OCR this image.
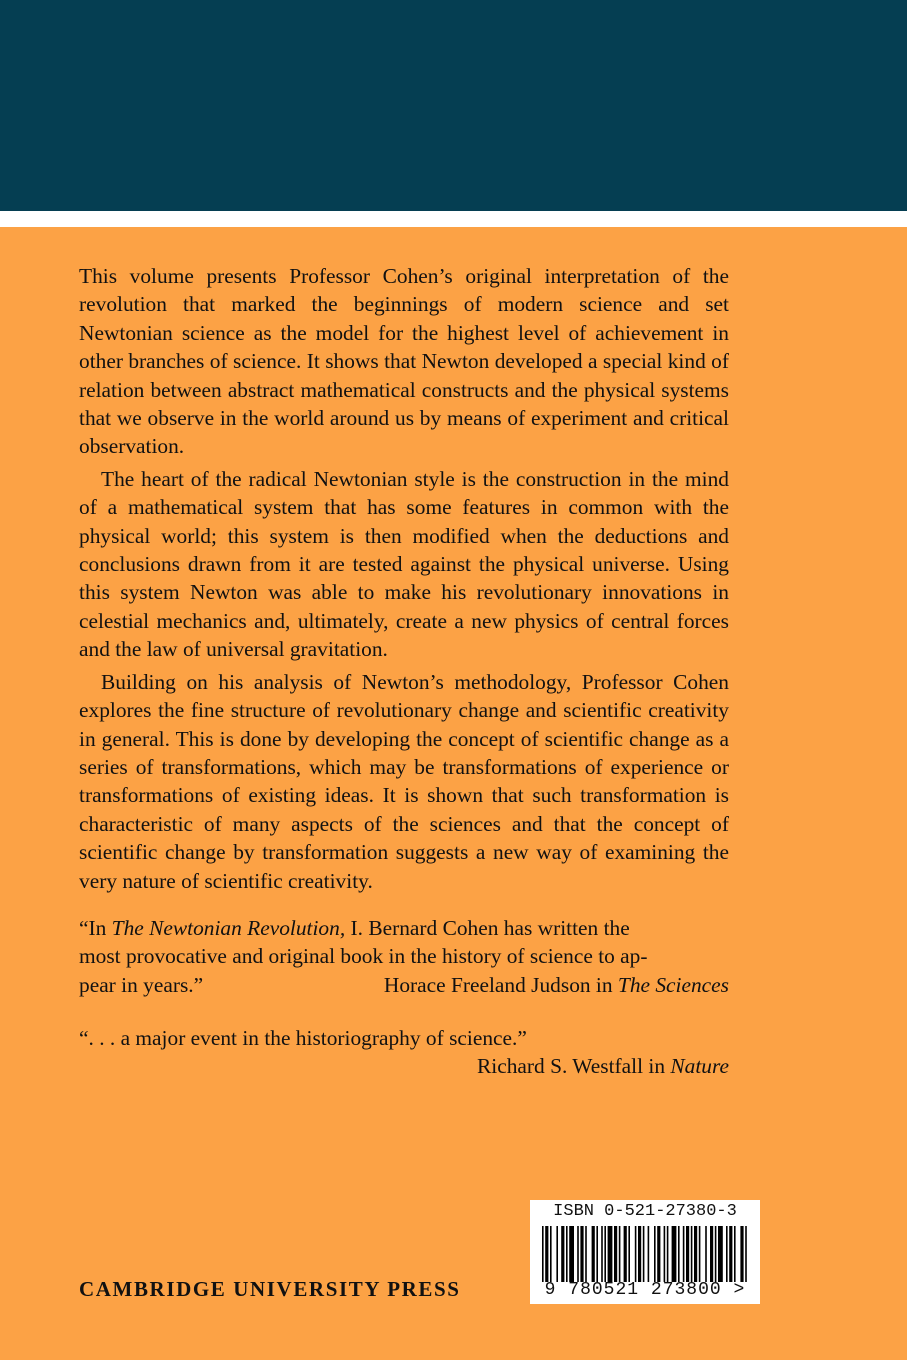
This volume presents Professor Cohen’s original interpretation of the revolution that marked the beginnings of modern science and set Newtonian science as the model for the highest level of achievement in other branches of science. It shows that Newton developed a special kind of relation between abstract mathematical constructs and the physical systems that we observe in the world around us by means of experiment and critical observation.

The heart of the radical Newtonian style is the construction in the mind of a mathematical system that has some features in common with the physical world; this system is then modified when the deductions and conclusions drawn from it are tested against the physical universe. Using this system Newton was able to make his revolutionary innovations in celestial mechanics and, ultimately, create a new physics of central forces and the law of universal gravitation.

Building on his analysis of Newton’s methodology, Professor Cohen explores the fine structure of revolutionary change and scientific creativity in general. This is done by developing the concept of scientific change as a series of transformations, which may be transformations of experience or transformations of existing ideas. It is shown that such transformation is characteristic of many aspects of the sciences and that the concept of scientific change by transformation suggests a new way of examining the very nature of scientific creativity.

“In The Newtonian Revolution, I. Bernard Cohen has written the
most provocative and original book in the history of science to ap-
pear in years.”	Horace Freeland Judson in The Sciences
“. . . a major event in the historiography of science.”
Richard S. Westfall in Nature
CAMBRIDGE UNIVERSITY PRESS
ISBN 0-521-27380-3
9 780521 273800 >
